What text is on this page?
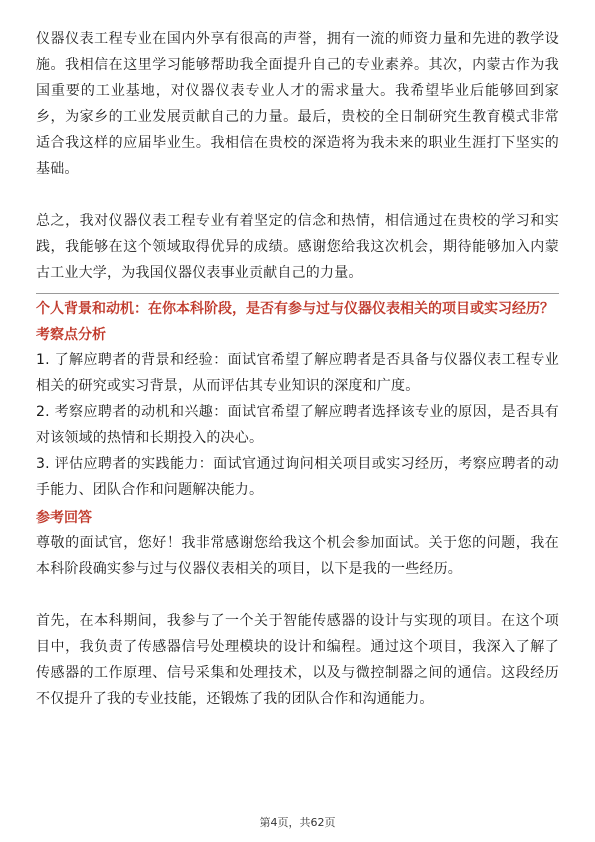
仪器仪表工程专业在国内外享有很高的声誉，拥有一流的师资力量和先进的教学设施。我相信在这里学习能够帮助我全面提升自己的专业素养。其次，内蒙古作为我国重要的工业基地，对仪器仪表专业人才的需求量大。我希望毕业后能够回到家乡，为家乡的工业发展贡献自己的力量。最后，贵校的全日制研究生教育模式非常适合我这样的应届毕业生。我相信在贵校的深造将为我未来的职业生涯打下坚实的基础。

总之，我对仪器仪表工程专业有着坚定的信念和热情，相信通过在贵校的学习和实践，我能够在这个领域取得优异的成绩。感谢您给我这次机会，期待能够加入内蒙古工业大学，为我国仪器仪表事业贡献自己的力量。

个人背景和动机：在你本科阶段，是否有参与过与仪器仪表相关的项目或实习经历？

考察点分析

1. 了解应聘者的背景和经验：面试官希望了解应聘者是否具备与仪器仪表工程专业相关的研究或实习背景，从而评估其专业知识的深度和广度。

2. 考察应聘者的动机和兴趣：面试官希望了解应聘者选择该专业的原因，是否具有对该领域的热情和长期投入的决心。

3. 评估应聘者的实践能力：面试官通过询问相关项目或实习经历，考察应聘者的动手能力、团队合作和问题解决能力。

参考回答

尊敬的面试官，您好！我非常感谢您给我这个机会参加面试。关于您的问题，我在本科阶段确实参与过与仪器仪表相关的项目，以下是我的一些经历。

首先，在本科期间，我参与了一个关于智能传感器的设计与实现的项目。在这个项目中，我负责了传感器信号处理模块的设计和编程。通过这个项目，我深入了解了传感器的工作原理、信号采集和处理技术，以及与微控制器之间的通信。这段经历不仅提升了我的专业技能，还锻炼了我的团队合作和沟通能力。

第4页，共62页
